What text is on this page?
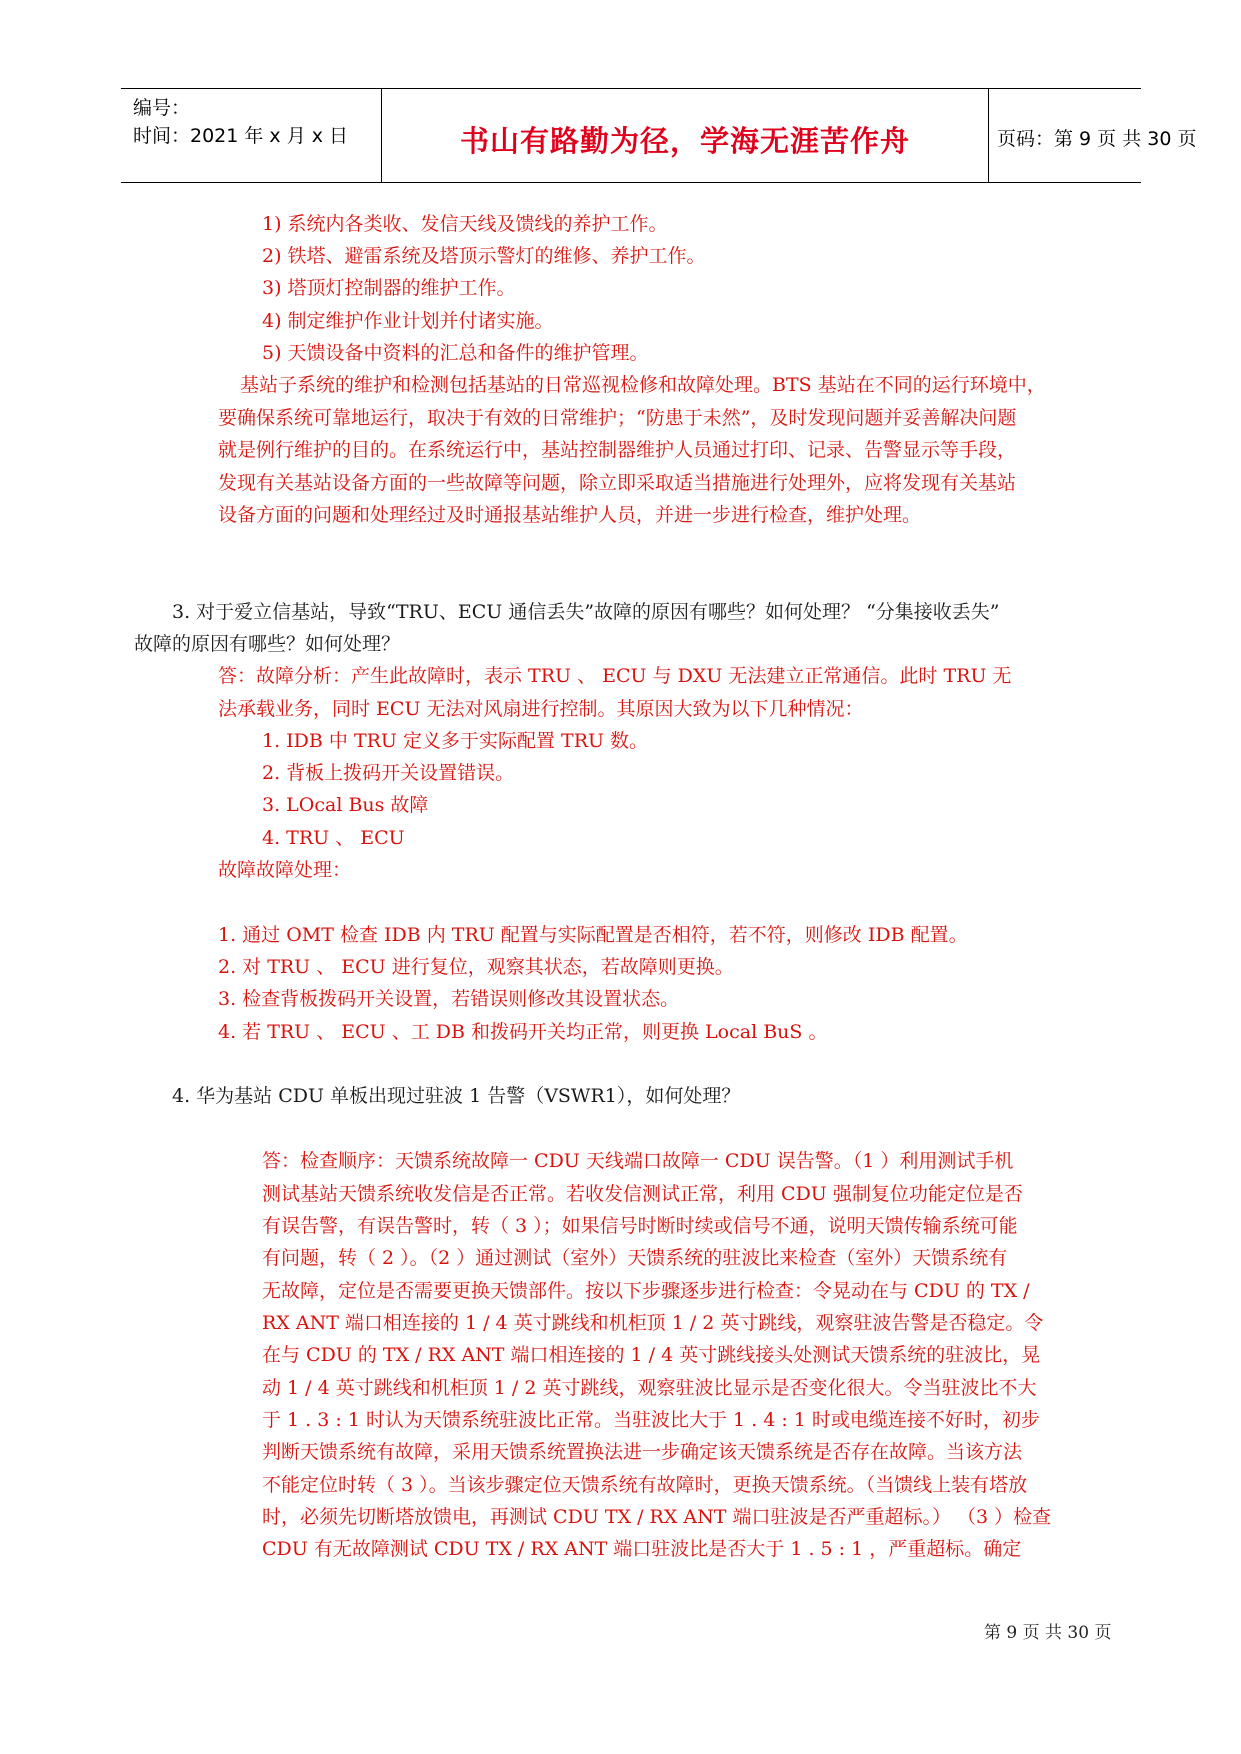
编号：
时间：2021 年 x 月 x 日	书山有路勤为径，学海无涯苦作舟	页码：第 9 页 共 30 页
1) 系统内各类收、发信天线及馈线的养护工作。
2) 铁塔、避雷系统及塔顶示警灯的维修、养护工作。
3) 塔顶灯控制器的维护工作。
4) 制定维护作业计划并付诸实施。
5) 天馈设备中资料的汇总和备件的维护管理。
基站子系统的维护和检测包括基站的日常巡视检修和故障处理。BTS 基站在不同的运行环境中，
要确保系统可靠地运行，取决于有效的日常维护；“防患于未然”，及时发现问题并妥善解决问题
就是例行维护的目的。在系统运行中，基站控制器维护人员通过打印、记录、告警显示等手段，
发现有关基站设备方面的一些故障等问题，除立即采取适当措施进行处理外，应将发现有关基站
设备方面的问题和处理经过及时通报基站维护人员，并进一步进行检查，维护处理。
3. 对于爱立信基站，导致“TRU、ECU 通信丢失”故障的原因有哪些？如何处理？ “分集接收丢失”
故障的原因有哪些？如何处理？
答：故障分析：产生此故障时，表示 TRU 、 ECU 与 DXU 无法建立正常通信。此时 TRU 无
法承载业务，同时 ECU 无法对风扇进行控制。其原因大致为以下几种情况：
1. IDB 中 TRU 定义多于实际配置 TRU 数。
2. 背板上拨码开关设置错误。
3. LOcal Bus 故障
4. TRU 、 ECU
故障故障处理：
1. 通过 OMT 检查 IDB 内 TRU 配置与实际配置是否相符，若不符，则修改 IDB 配置。
2. 对 TRU 、 ECU 进行复位，观察其状态，若故障则更换。
3. 检查背板拨码开关设置，若错误则修改其设置状态。
4. 若 TRU 、 ECU 、工 DB 和拨码开关均正常，则更换 Local BuS 。
4. 华为基站 CDU 单板出现过驻波 1 告警（VSWR1），如何处理？
答：检查顺序：天馈系统故障一 CDU 天线端口故障一 CDU 误告警。（1 ）利用测试手机
测试基站天馈系统收发信是否正常。若收发信测试正常，利用 CDU 强制复位功能定位是否
有误告警，有误告警时，转（ 3 ）；如果信号时断时续或信号不通，说明天馈传输系统可能
有问题，转（ 2 ）。（2 ）通过测试（室外）天馈系统的驻波比来检查（室外）天馈系统有
无故障，定位是否需要更换天馈部件。按以下步骤逐步进行检查：令晃动在与 CDU 的 TX /
RX ANT 端口相连接的 1 / 4 英寸跳线和机柜顶 1 / 2 英寸跳线，观察驻波告警是否稳定。令
在与 CDU 的 TX / RX ANT 端口相连接的 1 / 4 英寸跳线接头处测试天馈系统的驻波比，晃
动 1 / 4 英寸跳线和机柜顶 1 / 2 英寸跳线，观察驻波比显示是否变化很大。令当驻波比不大
于 1 . 3 : 1 时认为天馈系统驻波比正常。当驻波比大于 1 . 4 : 1 时或电缆连接不好时，初步
判断天馈系统有故障，采用天馈系统置换法进一步确定该天馈系统是否存在故障。当该方法
不能定位时转（ 3 ）。当该步骤定位天馈系统有故障时，更换天馈系统。（当馈线上装有塔放
时，必须先切断塔放馈电，再测试 CDU TX / RX ANT 端口驻波是否严重超标。） （3 ）检查
CDU 有无故障测试 CDU TX / RX ANT 端口驻波比是否大于 1 . 5 : 1 ，严重超标。确定
第 9 页 共 30 页
